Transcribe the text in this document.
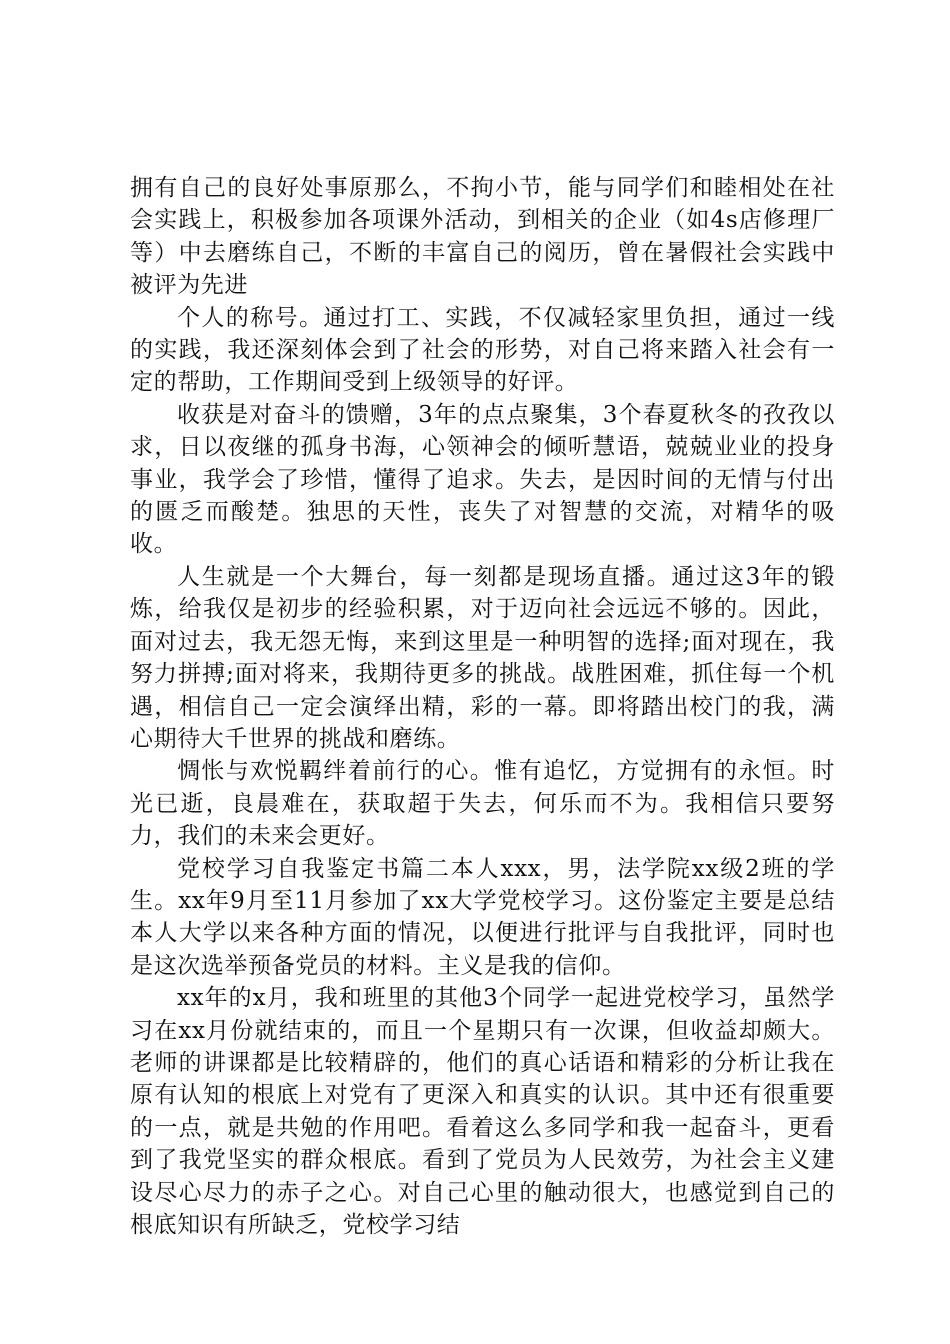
拥有自己的良好处事原那么，不拘小节，能与同学们和睦相处在社会实践上，积极参加各项课外活动，到相关的企业（如4s店修理厂等）中去磨练自己，不断的丰富自己的阅历，曾在暑假社会实践中被评为先进

个人的称号。通过打工、实践，不仅减轻家里负担，通过一线的实践，我还深刻体会到了社会的形势，对自己将来踏入社会有一定的帮助，工作期间受到上级领导的好评。

收获是对奋斗的馈赠，3年的点点聚集，3个春夏秋冬的孜孜以求，日以夜继的孤身书海，心领神会的倾听慧语，兢兢业业的投身事业，我学会了珍惜，懂得了追求。失去，是因时间的无情与付出的匮乏而酸楚。独思的天性，丧失了对智慧的交流，对精华的吸收。

人生就是一个大舞台，每一刻都是现场直播。通过这3年的锻炼，给我仅是初步的经验积累，对于迈向社会远远不够的。因此，面对过去，我无怨无悔，来到这里是一种明智的选择;面对现在，我努力拼搏;面对将来，我期待更多的挑战。战胜困难，抓住每一个机遇，相信自己一定会演绎出精，彩的一幕。即将踏出校门的我，满心期待大千世界的挑战和磨练。

惆怅与欢悦羁绊着前行的心。惟有追忆，方觉拥有的永恒。时光已逝，良晨难在，获取超于失去，何乐而不为。我相信只要努力，我们的未来会更好。

党校学习自我鉴定书篇二本人xxx，男，法学院xx级2班的学生。xx年9月至11月参加了xx大学党校学习。这份鉴定主要是总结本人大学以来各种方面的情况，以便进行批评与自我批评，同时也是这次选举预备党员的材料。主义是我的信仰。

xx年的x月，我和班里的其他3个同学一起进党校学习，虽然学习在xx月份就结束的，而且一个星期只有一次课，但收益却颇大。老师的讲课都是比较精辟的，他们的真心话语和精彩的分析让我在原有认知的根底上对党有了更深入和真实的认识。其中还有很重要的一点，就是共勉的作用吧。看着这么多同学和我一起奋斗，更看到了我党坚实的群众根底。看到了党员为人民效劳，为社会主义建设尽心尽力的赤子之心。对自己心里的触动很大，也感觉到自己的根底知识有所缺乏，党校学习结
